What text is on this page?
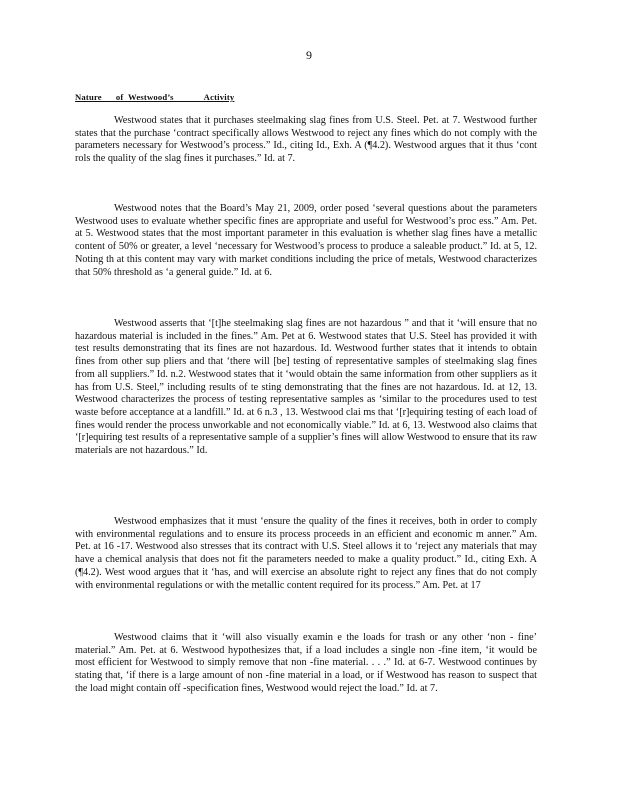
9
Nature      of  Westwood’s             Activity

Westwood states that it purchases steelmaking slag fines from U.S. Steel. Pet. at 7. Westwood further states that the purchase ‘contract specifically allows Westwood to reject any fines which do not comply with the parameters necessary for Westwood’s process.” Id., citing Id., Exh. A (¶4.2). Westwood argues that it thus ‘cont rols the quality of the slag fines it purchases.” Id. at 7.

Westwood notes that the Board’s May 21, 2009, order posed ‘several questions about the parameters Westwood uses to evaluate whether specific fines are appropriate and useful for Westwood’s proc ess.” Am. Pet. at 5. Westwood states that the most important parameter in this evaluation is whether slag fines have a metallic content of 50% or greater, a level ‘necessary for Westwood’s process to produce a saleable product.” Id. at 5, 12. Noting th at this content may vary with market conditions including the price of metals, Westwood characterizes that 50% threshold as ‘a general guide.” Id. at 6.

Westwood asserts that ‘[t]he steelmaking slag fines are not hazardous ” and that it ‘will ensure that no hazardous material is included in the fines.” Am. Pet at 6. Westwood states that U.S. Steel has provided it with test results demonstrating that its fines are not hazardous. Id. Westwood further states that it intends to obtain fines from other sup pliers and that ‘there will [be] testing of representative samples of steelmaking slag fines from all suppliers.” Id. n.2. Westwood states that it ‘would obtain the same information from other suppliers as it has from U.S. Steel,” including results of te sting demonstrating that the fines are not hazardous. Id. at 12, 13. Westwood characterizes the process of testing representative samples as ‘similar to the procedures used to test waste before acceptance at a landfill.” Id. at 6 n.3 , 13. Westwood clai ms that ‘[r]equiring testing of each load of fines would render the process unworkable and not economically viable.” Id. at 6, 13. Westwood also claims that ‘[r]equiring test results of a representative sample of a supplier’s fines will allow Westwood to ensure that its raw materials are not hazardous.” Id.

Westwood emphasizes that it must ‘ensure the quality of the fines it receives, both in order to comply with environmental regulations and to ensure its process proceeds in an efficient and economic m anner.” Am. Pet. at 16 -17. Westwood also stresses that its contract with U.S. Steel allows it to ‘reject any materials that may have a chemical analysis that does not fit the parameters needed to make a quality product.” Id., citing Exh. A (¶4.2). West wood argues that it ‘has, and will exercise an absolute right to reject any fines that do not comply with environmental regulations or with the metallic content required for its process.” Am. Pet. at 17

Westwood claims that it ‘will also visually examin e the loads for trash or any other ‘non - fine’ material.” Am. Pet. at 6. Westwood hypothesizes that, if a load includes a single non -fine item, ‘it would be most efficient for Westwood to simply remove that non -fine material. . . .” Id. at 6-7. Westwood continues by stating that, ‘if there is a large amount of non -fine material in a load, or if Westwood has reason to suspect that the load might contain off -specification fines, Westwood would reject the load.” Id. at 7.
